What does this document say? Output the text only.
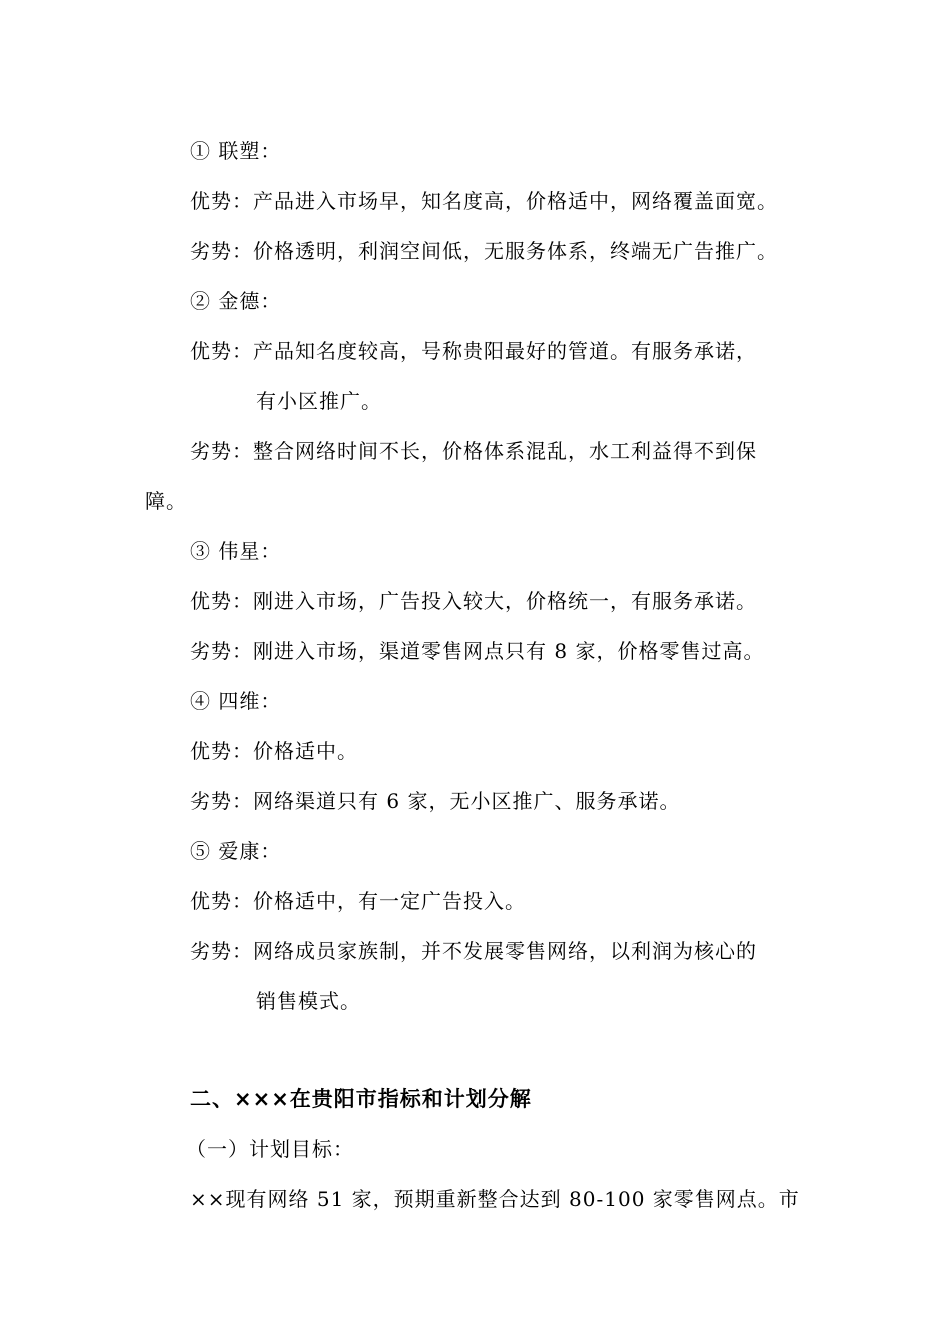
① 联塑：
优势：产品进入市场早，知名度高，价格适中，网络覆盖面宽。
劣势：价格透明，利润空间低，无服务体系，终端无广告推广。
② 金德：
优势：产品知名度较高，号称贵阳最好的管道。有服务承诺，
有小区推广。
劣势：整合网络时间不长，价格体系混乱，水工利益得不到保
障。
③ 伟星：
优势：刚进入市场，广告投入较大，价格统一，有服务承诺。
劣势：刚进入市场，渠道零售网点只有 8 家，价格零售过高。
④ 四维：
优势：价格适中。
劣势：网络渠道只有 6 家，无小区推广、服务承诺。
⑤ 爱康：
优势：价格适中，有一定广告投入。
劣势：网络成员家族制，并不发展零售网络，以利润为核心的
销售模式。
二、×××在贵阳市指标和计划分解
（一）计划目标：
××现有网络 51 家，预期重新整合达到 80-100 家零售网点。市
